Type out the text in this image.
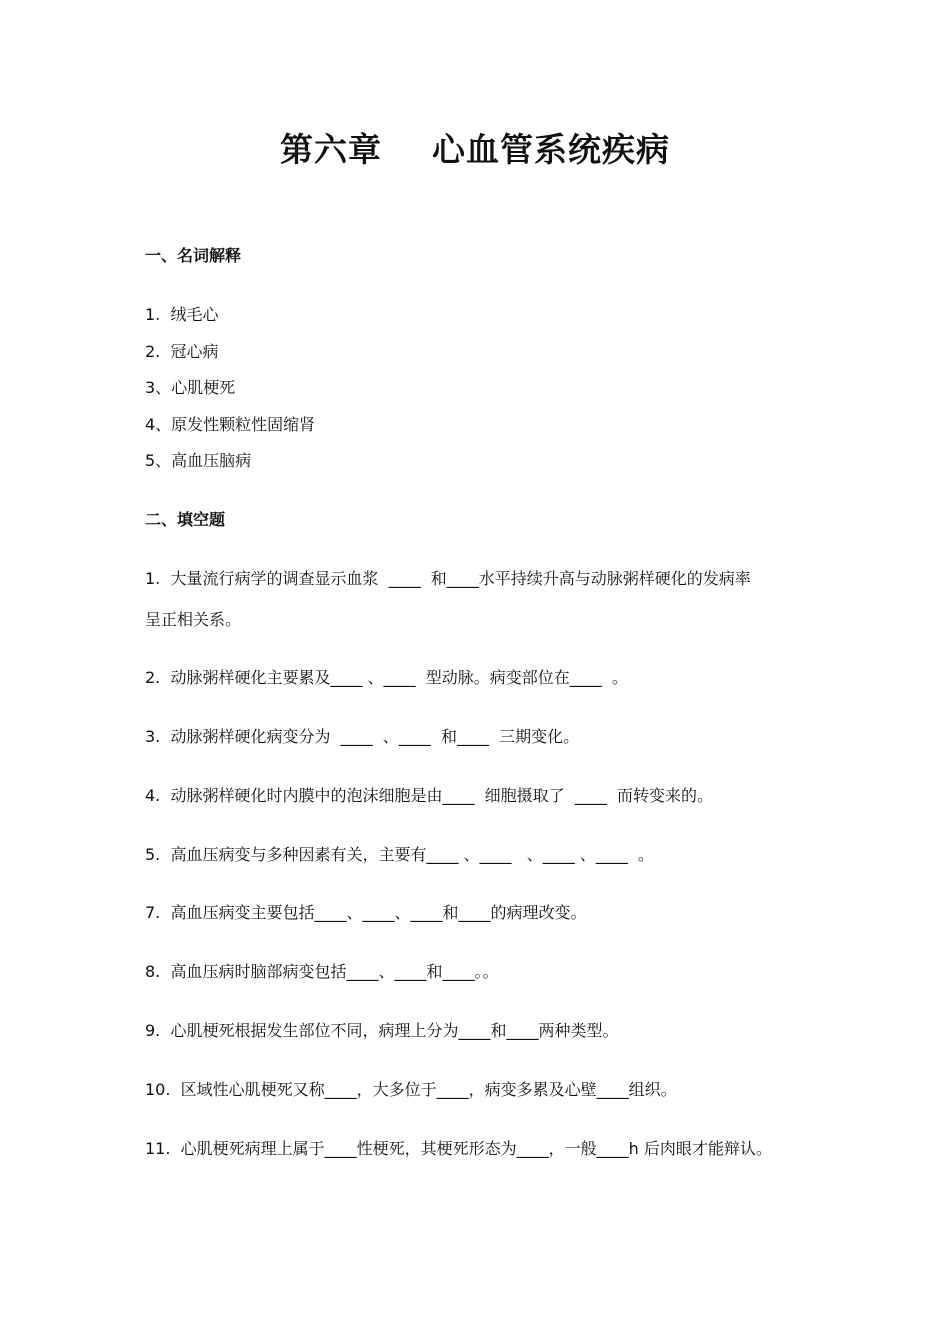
第六章    心血管系统疾病
一、名词解释
1.  绒毛心
2.  冠心病
3、心肌梗死
4、原发性颗粒性固缩肾
5、高血压脑病
二、填空题
1.  大量流行病学的调查显示血浆  ____  和____水平持续升高与动脉粥样硬化的发病率
呈正相关系。
2.  动脉粥样硬化主要累及____ 、____  型动脉。病变部位在____  。
3.  动脉粥样硬化病变分为  ____  、____  和____  三期变化。
4.  动脉粥样硬化时内膜中的泡沫细胞是由____  细胞摄取了  ____  而转变来的。
5.  高血压病变与多种因素有关，主要有____ 、____   、____ 、____  。
7.  高血压病变主要包括____、____、____和____的病理改变。
8.  高血压病时脑部病变包括____、____和____。。
9.  心肌梗死根据发生部位不同，病理上分为____和____两种类型。
10.  区域性心肌梗死又称____，大多位于____，病变多累及心壁____组织。
11.  心肌梗死病理上属于____性梗死，其梗死形态为____，一般____h 后肉眼才能辩认。
